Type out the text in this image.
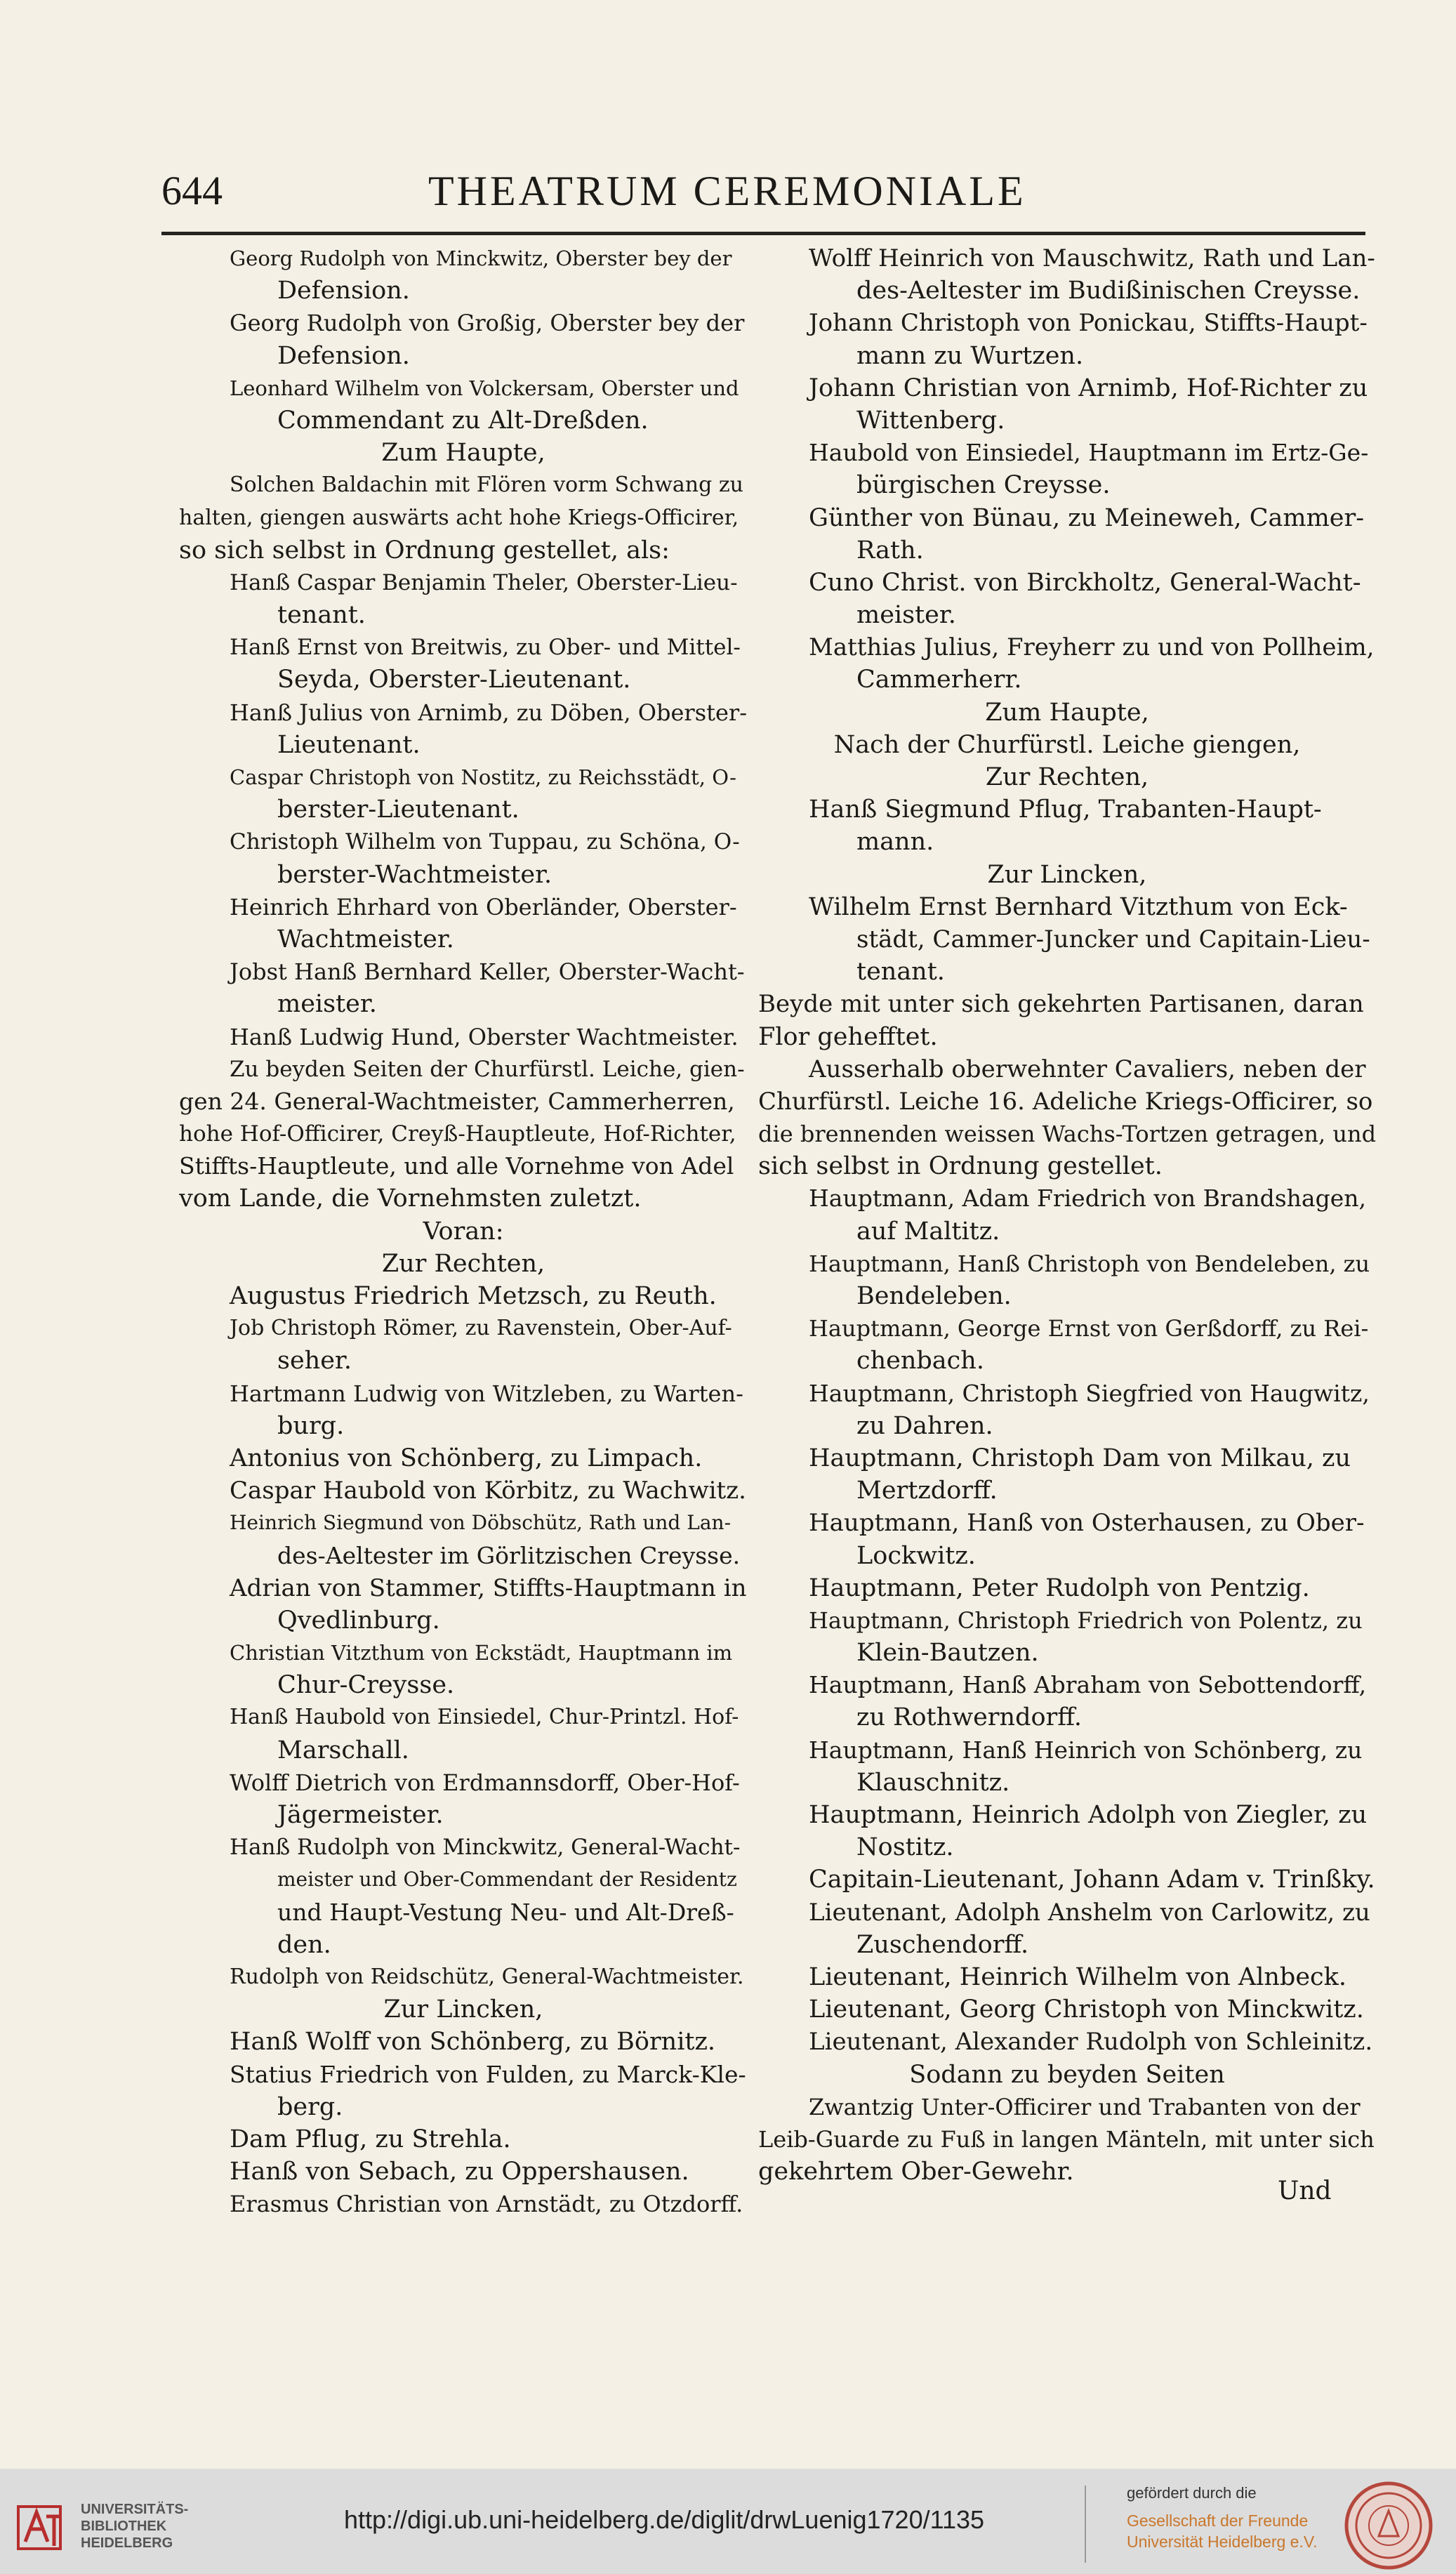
644	THEATRUM CEREMONIALE
Georg Rudolph von Minckwitz, Oberster bey der
Defension.
Georg Rudolph von Großig, Oberster bey der
Defension.
Leonhard Wilhelm von Volckersam, Oberster und
Commendant zu Alt-Dreßden.
Zum Haupte,
Solchen Baldachin mit Flören vorm Schwang zu
halten, giengen auswärts acht hohe Kriegs-Officirer,
so sich selbst in Ordnung gestellet, als:
Hanß Caspar Benjamin Theler, Oberster-Lieu-
tenant.
Hanß Ernst von Breitwis, zu Ober- und Mittel-
Seyda, Oberster-Lieutenant.
Hanß Julius von Arnimb, zu Döben, Oberster-
Lieutenant.
Caspar Christoph von Nostitz, zu Reichsstädt, O-
berster-Lieutenant.
Christoph Wilhelm von Tuppau, zu Schöna, O-
berster-Wachtmeister.
Heinrich Ehrhard von Oberländer, Oberster-
Wachtmeister.
Jobst Hanß Bernhard Keller, Oberster-Wacht-
meister.
Hanß Ludwig Hund, Oberster Wachtmeister.
Zu beyden Seiten der Churfürstl. Leiche, gien-
gen 24. General-Wachtmeister, Cammerherren,
hohe Hof-Officirer, Creyß-Hauptleute, Hof-Richter,
Stiffts-Hauptleute, und alle Vornehme von Adel
vom Lande, die Vornehmsten zuletzt.
Voran:
Zur Rechten,
Augustus Friedrich Metzsch, zu Reuth.
Job Christoph Römer, zu Ravenstein, Ober-Auf-
seher.
Hartmann Ludwig von Witzleben, zu Warten-
burg.
Antonius von Schönberg, zu Limpach.
Caspar Haubold von Körbitz, zu Wachwitz.
Heinrich Siegmund von Döbschütz, Rath und Lan-
des-Aeltester im Görlitzischen Creysse.
Adrian von Stammer, Stiffts-Hauptmann in
Qvedlinburg.
Christian Vitzthum von Eckstädt, Hauptmann im
Chur-Creysse.
Hanß Haubold von Einsiedel, Chur-Printzl. Hof-
Marschall.
Wolff Dietrich von Erdmannsdorff, Ober-Hof-
Jägermeister.
Hanß Rudolph von Minckwitz, General-Wacht-
meister und Ober-Commendant der Residentz
und Haupt-Vestung Neu- und Alt-Dreß-
den.
Rudolph von Reidschütz, General-Wachtmeister.
Zur Lincken,
Hanß Wolff von Schönberg, zu Börnitz.
Statius Friedrich von Fulden, zu Marck-Kle-
berg.
Dam Pflug, zu Strehla.
Hanß von Sebach, zu Oppershausen.
Erasmus Christian von Arnstädt, zu Otzdorff.
Wolff Heinrich von Mauschwitz, Rath und Lan-
des-Aeltester im Budißinischen Creysse.
Johann Christoph von Ponickau, Stiffts-Haupt-
mann zu Wurtzen.
Johann Christian von Arnimb, Hof-Richter zu
Wittenberg.
Haubold von Einsiedel, Hauptmann im Ertz-Ge-
bürgischen Creysse.
Günther von Bünau, zu Meineweh, Cammer-
Rath.
Cuno Christ. von Birckholtz, General-Wacht-
meister.
Matthias Julius, Freyherr zu und von Pollheim,
Cammerherr.
Zum Haupte,
Nach der Churfürstl. Leiche giengen,
Zur Rechten,
Hanß Siegmund Pflug, Trabanten-Haupt-
mann.
Zur Lincken,
Wilhelm Ernst Bernhard Vitzthum von Eck-
städt, Cammer-Juncker und Capitain-Lieu-
tenant.
Beyde mit unter sich gekehrten Partisanen, daran
Flor gehefftet.
Ausserhalb oberwehnter Cavaliers, neben der
Churfürstl. Leiche 16. Adeliche Kriegs-Officirer, so
die brennenden weissen Wachs-Tortzen getragen, und
sich selbst in Ordnung gestellet.
Hauptmann, Adam Friedrich von Brandshagen,
auf Maltitz.
Hauptmann, Hanß Christoph von Bendeleben, zu
Bendeleben.
Hauptmann, George Ernst von Gerßdorff, zu Rei-
chenbach.
Hauptmann, Christoph Siegfried von Haugwitz,
zu Dahren.
Hauptmann, Christoph Dam von Milkau, zu
Mertzdorff.
Hauptmann, Hanß von Osterhausen, zu Ober-
Lockwitz.
Hauptmann, Peter Rudolph von Pentzig.
Hauptmann, Christoph Friedrich von Polentz, zu
Klein-Bautzen.
Hauptmann, Hanß Abraham von Sebottendorff,
zu Rothwerndorff.
Hauptmann, Hanß Heinrich von Schönberg, zu
Klauschnitz.
Hauptmann, Heinrich Adolph von Ziegler, zu
Nostitz.
Capitain-Lieutenant, Johann Adam v. Trinßky.
Lieutenant, Adolph Anshelm von Carlowitz, zu
Zuschendorff.
Lieutenant, Heinrich Wilhelm von Alnbeck.
Lieutenant, Georg Christoph von Minckwitz.
Lieutenant, Alexander Rudolph von Schleinitz.
Sodann zu beyden Seiten
Zwantzig Unter-Officirer und Trabanten von der
Leib-Guarde zu Fuß in langen Mänteln, mit unter sich
gekehrtem Ober-Gewehr.
Und
UNIVERSITÄTS-
BIBLIOTHEK
HEIDELBERG
http://digi.ub.uni-heidelberg.de/diglit/drwLuenig1720/1135
gefördert durch die
Gesellschaft der Freunde
Universität Heidelberg e.V.
